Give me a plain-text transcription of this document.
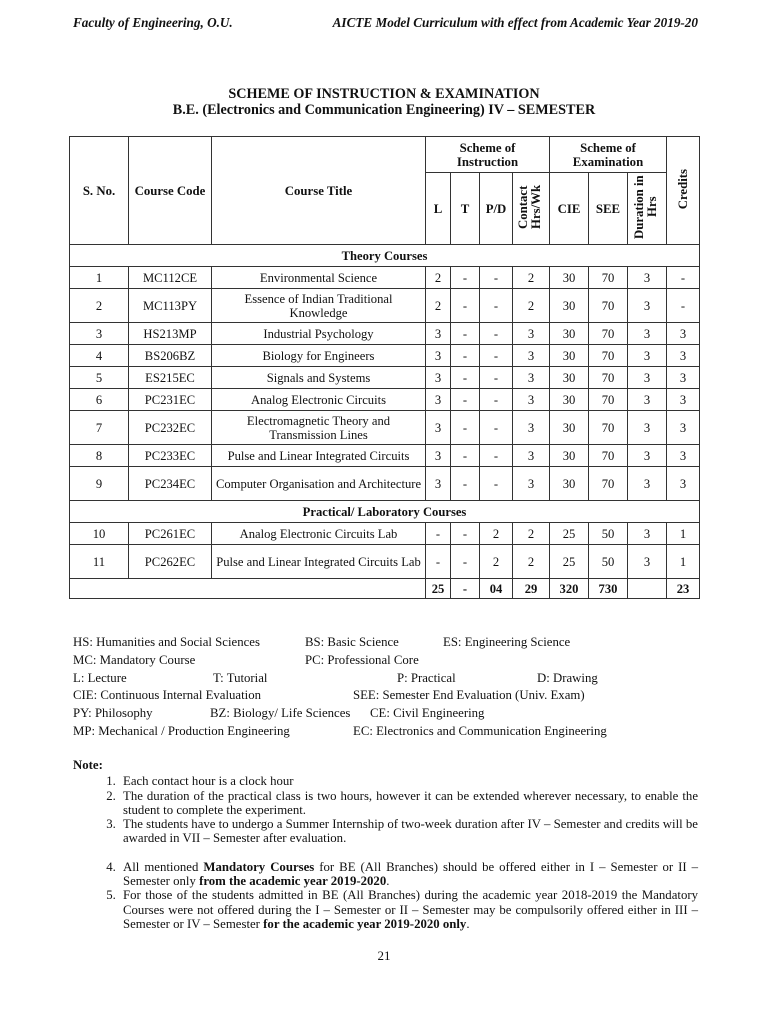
Faculty of Engineering, O.U.	AICTE Model Curriculum with effect from Academic Year 2019-20
SCHEME OF INSTRUCTION & EXAMINATION
B.E. (Electronics and Communication Engineering) IV – SEMESTER
S. No.	Course Code	Course Title	Scheme of Instruction				Scheme of Examination			Credits
			L	T	P/D	Contact Hrs/Wk	CIE	SEE	Duration in Hrs	
Theory Courses										
1	MC112CE	Environmental Science	2	-	-	2	30	70	3	-
2	MC113PY	Essence of Indian Traditional Knowledge	2	-	-	2	30	70	3	-
3	HS213MP	Industrial Psychology	3	-	-	3	30	70	3	3
4	BS206BZ	Biology for Engineers	3	-	-	3	30	70	3	3
5	ES215EC	Signals and Systems	3	-	-	3	30	70	3	3
6	PC231EC	Analog Electronic Circuits	3	-	-	3	30	70	3	3
7	PC232EC	Electromagnetic Theory and Transmission Lines	3	-	-	3	30	70	3	3
8	PC233EC	Pulse and Linear Integrated Circuits	3	-	-	3	30	70	3	3
9	PC234EC	Computer Organisation and Architecture	3	-	-	3	30	70	3	3
Practical/ Laboratory Courses										
10	PC261EC	Analog Electronic Circuits Lab	-	-	2	2	25	50	3	1
11	PC262EC	Pulse and Linear Integrated Circuits Lab	-	-	2	2	25	50	3	1
			25	-	04	29	320	730		23
HS: Humanities and Social Sciences	BS: Basic Science	ES: Engineering Science
MC: Mandatory Course	PC: Professional Core
L: Lecture	T: Tutorial	P: Practical	D: Drawing
CIE: Continuous Internal Evaluation	SEE: Semester End Evaluation (Univ. Exam)
PY: Philosophy	BZ: Biology/ Life Sciences CE: Civil Engineering
MP: Mechanical / Production Engineering	EC: Electronics and Communication Engineering
Note:
1. Each contact hour is a clock hour
2. The duration of the practical class is two hours, however it can be extended wherever necessary, to enable the student to complete the experiment.
3. The students have to undergo a Summer Internship of two-week duration after IV – Semester and credits will be awarded in VII – Semester after evaluation.
4. All mentioned Mandatory Courses for BE (All Branches) should be offered either in I – Semester or II – Semester only from the academic year 2019-2020.
5. For those of the students admitted in BE (All Branches) during the academic year 2018-2019 the Mandatory Courses were not offered during the I – Semester or II – Semester may be compulsorily offered either in III – Semester or IV – Semester for the academic year 2019-2020 only.
21
